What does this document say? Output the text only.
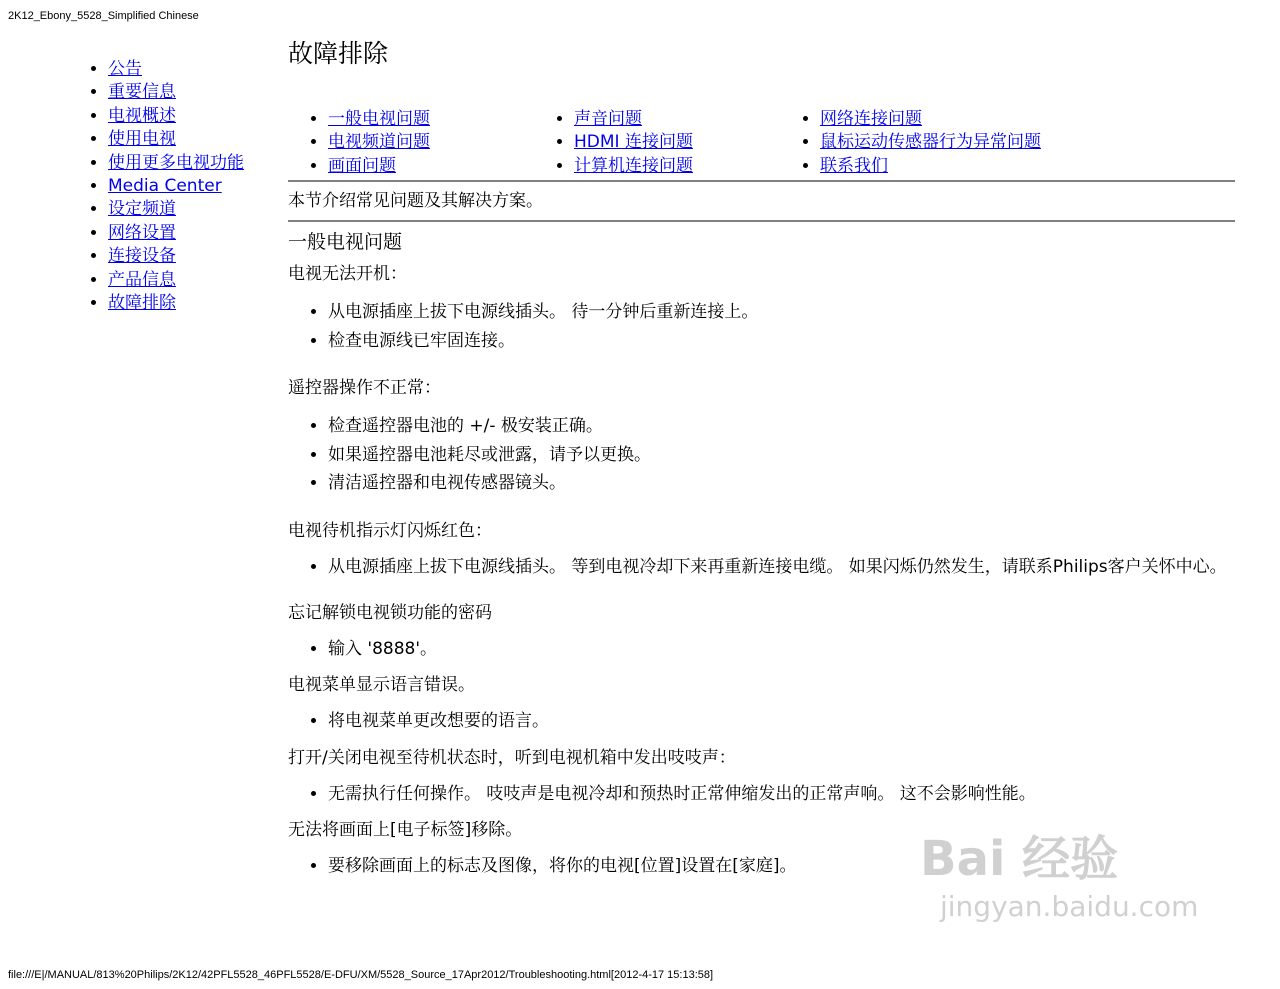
2K12_Ebony_5528_Simplified Chinese
• 公告
• 重要信息
• 电视概述
• 使用电视
• 使用更多电视功能
• Media Center
• 设定频道
• 网络设置
• 连接设备
• 产品信息
• 故障排除
故障排除
• 一般电视问题
• 电视频道问题
• 画面问题
• 声音问题
• HDMI 连接问题
• 计算机连接问题
• 网络连接问题
• 鼠标运动传感器行为异常问题
• 联系我们
本节介绍常见问题及其解决方案。
一般电视问题
电视无法开机：
• 从电源插座上拔下电源线插头。 待一分钟后重新连接上。
• 检查电源线已牢固连接。
遥控器操作不正常：
• 检查遥控器电池的 +/- 极安装正确。
• 如果遥控器电池耗尽或泄露，请予以更换。
• 清洁遥控器和电视传感器镜头。
电视待机指示灯闪烁红色：
• 从电源插座上拔下电源线插头。 等到电视冷却下来再重新连接电缆。 如果闪烁仍然发生，请联系Philips客户关怀中心。
忘记解锁电视锁功能的密码
• 输入 '8888'。
电视菜单显示语言错误。
• 将电视菜单更改想要的语言。
打开/关闭电视至待机状态时，听到电视机箱中发出吱吱声：
• 无需执行任何操作。 吱吱声是电视冷却和预热时正常伸缩发出的正常声响。 这不会影响性能。
无法将画面上[电子标签]移除。
• 要移除画面上的标志及图像，将你的电视[位置]设置在[家庭]。	Bai 经验
jingyan.baidu.com
file:///E|/MANUAL/813%20Philips/2K12/42PFL5528_46PFL5528/E-DFU/XM/5528_Source_17Apr2012/Troubleshooting.html[2012-4-17 15:13:58]
